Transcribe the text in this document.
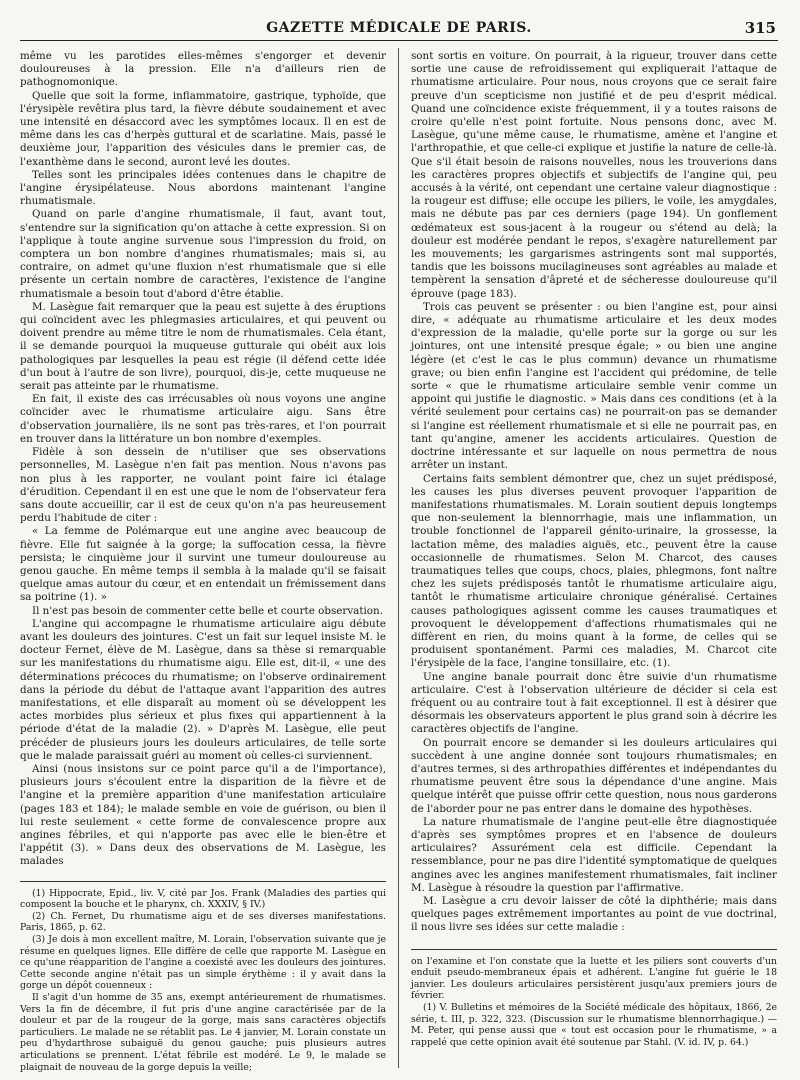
GAZETTE MÉDICALE DE PARIS.	315

même vu les parotides elles-mêmes s'engorger et devenir douloureuses à la pression. Elle n'a d'ailleurs rien de pathognomonique.

Quelle que soit la forme, inflammatoire, gastrique, typhoïde, que l'érysipèle revêtira plus tard, la fièvre débute soudainement et avec une intensité en désaccord avec les symptômes locaux. Il en est de même dans les cas d'herpès guttural et de scarlatine. Mais, passé le deuxième jour, l'apparition des vésicules dans le premier cas, de l'exanthème dans le second, auront levé les doutes.

Telles sont les principales idées contenues dans le chapitre de l'angine érysipélateuse. Nous abordons maintenant l'angine rhumatismale.

Quand on parle d'angine rhumatismale, il faut, avant tout, s'entendre sur la signification qu'on attache à cette expression. Si on l'applique à toute angine survenue sous l'impression du froid, on comptera un bon nombre d'angines rhumatismales; mais si, au contraire, on admet qu'une fluxion n'est rhumatismale que si elle présente un certain nombre de caractères, l'existence de l'angine rhumatismale a besoin tout d'abord d'être établie.

M. Lasègue fait remarquer que la peau est sujette à des éruptions qui coïncident avec les phlegmasies articulaires, et qui peuvent ou doivent prendre au même titre le nom de rhumatismales. Cela étant, il se demande pourquoi la muqueuse gutturale qui obéit aux lois pathologiques par lesquelles la peau est régie (il défend cette idée d'un bout à l'autre de son livre), pourquoi, dis-je, cette muqueuse ne serait pas atteinte par le rhumatisme.

En fait, il existe des cas irrécusables où nous voyons une angine coïncider avec le rhumatisme articulaire aigu. Sans être d'observation journalière, ils ne sont pas très-rares, et l'on pourrait en trouver dans la littérature un bon nombre d'exemples.

Fidèle à son dessein de n'utiliser que ses observations personnelles, M. Lasègue n'en fait pas mention. Nous n'avons pas non plus à les rapporter, ne voulant point faire ici étalage d'érudition. Cependant il en est une que le nom de l'observateur fera sans doute accueillir, car il est de ceux qu'on n'a pas heureusement perdu l'habitude de citer :

« La femme de Polémarque eut une angine avec beaucoup de fièvre. Elle fut saignée à la gorge; la suffocation cessa, la fièvre persista; le cinquième jour il survint une tumeur douloureuse au genou gauche. En même temps il sembla à la malade qu'il se faisait quelque amas autour du cœur, et en entendait un frémissement dans sa poitrine (1). »

Il n'est pas besoin de commenter cette belle et courte observation.

L'angine qui accompagne le rhumatisme articulaire aigu débute avant les douleurs des jointures. C'est un fait sur lequel insiste M. le docteur Fernet, élève de M. Lasègue, dans sa thèse si remarquable sur les manifestations du rhumatisme aigu. Elle est, dit-il, « une des déterminations précoces du rhumatisme; on l'observe ordinairement dans la période du début de l'attaque avant l'apparition des autres manifestations, et elle disparaît au moment où se développent les actes morbides plus sérieux et plus fixes qui appartiennent à la période d'état de la maladie (2). » D'après M. Lasègue, elle peut précéder de plusieurs jours les douleurs articulaires, de telle sorte que le malade paraissait guéri au moment où celles-ci surviennent.

Ainsi (nous insistons sur ce point parce qu'il a de l'importance), plusieurs jours s'écoulent entre la disparition de la fièvre et de l'angine et la première apparition d'une manifestation articulaire (pages 183 et 184); le malade semble en voie de guérison, ou bien il lui reste seulement « cette forme de convalescence propre aux angines fébriles, et qui n'apporte pas avec elle le bien-être et l'appétit (3). » Dans deux des observations de M. Lasègue, les malades

(1) Hippocrate, Epid., liv. V, cité par Jos. Frank (Maladies des parties qui composent la bouche et le pharynx, ch. XXXIV, § IV.)

(2) Ch. Fernet, Du rhumatisme aigu et de ses diverses manifestations. Paris, 1865, p. 62.

(3) Je dois à mon excellent maître, M. Lorain, l'observation suivante que je résume en quelques lignes. Elle diffère de celle que rapporte M. Lasègue en ce qu'une réapparition de l'angine a coexisté avec les douleurs des jointures. Cette seconde angine n'était pas un simple érythème : il y avait dans la gorge un dépôt couenneux :

Il s'agit d'un homme de 35 ans, exempt antérieurement de rhumatismes. Vers la fin de décembre, il fut pris d'une angine caractérisée par de la douleur et par de la rougeur de la gorge, mais sans caractères objectifs particuliers. Le malade ne se rétablit pas. Le 4 janvier, M. Lorain constate un peu d'hydarthrose subaiguë du genou gauche; puis plusieurs autres articulations se prennent. L'état fébrile est modéré. Le 9, le malade se plaignait de nouveau de la gorge depuis la veille;

sont sortis en voiture. On pourrait, à la rigueur, trouver dans cette sortie une cause de refroidissement qui expliquerait l'attaque de rhumatisme articulaire. Pour nous, nous croyons que ce serait faire preuve d'un scepticisme non justifié et de peu d'esprit médical. Quand une coïncidence existe fréquemment, il y a toutes raisons de croire qu'elle n'est point fortuite. Nous pensons donc, avec M. Lasègue, qu'une même cause, le rhumatisme, amène et l'angine et l'arthropathie, et que celle-ci explique et justifie la nature de celle-là. Que s'il était besoin de raisons nouvelles, nous les trouverions dans les caractères propres objectifs et subjectifs de l'angine qui, peu accusés à la vérité, ont cependant une certaine valeur diagnostique : la rougeur est diffuse; elle occupe les piliers, le voile, les amygdales, mais ne débute pas par ces derniers (page 194). Un gonflement œdémateux est sous-jacent à la rougeur ou s'étend au delà; la douleur est modérée pendant le repos, s'exagère naturellement par les mouvements; les gargarismes astringents sont mal supportés, tandis que les boissons mucilagineuses sont agréables au malade et tempèrent la sensation d'âpreté et de sécheresse douloureuse qu'il éprouve (page 183).

Trois cas peuvent se présenter : ou bien l'angine est, pour ainsi dire, « adéquate au rhumatisme articulaire et les deux modes d'expression de la maladie, qu'elle porte sur la gorge ou sur les jointures, ont une intensité presque égale; » ou bien une angine légère (et c'est le cas le plus commun) devance un rhumatisme grave; ou bien enfin l'angine est l'accident qui prédomine, de telle sorte « que le rhumatisme articulaire semble venir comme un appoint qui justifie le diagnostic. » Mais dans ces conditions (et à la vérité seulement pour certains cas) ne pourrait-on pas se demander si l'angine est réellement rhumatismale et si elle ne pourrait pas, en tant qu'angine, amener les accidents articulaires. Question de doctrine intéressante et sur laquelle on nous permettra de nous arrêter un instant.

Certains faits semblent démontrer que, chez un sujet prédisposé, les causes les plus diverses peuvent provoquer l'apparition de manifestations rhumatismales. M. Lorain soutient depuis longtemps que non-seulement la blennorrhagie, mais une inflammation, un trouble fonctionnel de l'appareil génito-urinaire, la grossesse, la lactation même, des maladies aiguës, etc., peuvent être la cause occasionnelle de rhumatismes. Selon M. Charcot, des causes traumatiques telles que coups, chocs, plaies, phlegmons, font naître chez les sujets prédisposés tantôt le rhumatisme articulaire aigu, tantôt le rhumatisme articulaire chronique généralisé. Certaines causes pathologiques agissent comme les causes traumatiques et provoquent le développement d'affections rhumatismales qui ne diffèrent en rien, du moins quant à la forme, de celles qui se produisent spontanément. Parmi ces maladies, M. Charcot cite l'érysipèle de la face, l'angine tonsillaire, etc. (1).

Une angine banale pourrait donc être suivie d'un rhumatisme articulaire. C'est à l'observation ultérieure de décider si cela est fréquent ou au contraire tout à fait exceptionnel. Il est à désirer que désormais les observateurs apportent le plus grand soin à décrire les caractères objectifs de l'angine.

On pourrait encore se demander si les douleurs articulaires qui succèdent à une angine donnée sont toujours rhumatismales; en d'autres termes, si des arthropathies différentes et indépendantes du rhumatisme peuvent être sous la dépendance d'une angine. Mais quelque intérêt que puisse offrir cette question, nous nous garderons de l'aborder pour ne pas entrer dans le domaine des hypothèses.

La nature rhumatismale de l'angine peut-elle être diagnostiquée d'après ses symptômes propres et en l'absence de douleurs articulaires? Assurément cela est difficile. Cependant la ressemblance, pour ne pas dire l'identité symptomatique de quelques angines avec les angines manifestement rhumatismales, fait incliner M. Lasègue à résoudre la question par l'affirmative.

M. Lasègue a cru devoir laisser de côté la diphthérie; mais dans quelques pages extrêmement importantes au point de vue doctrinal, il nous livre ses idées sur cette maladie :

on l'examine et l'on constate que la luette et les piliers sont couverts d'un enduit pseudo-membraneux épais et adhérent. L'angine fut guérie le 18 janvier. Les douleurs articulaires persistèrent jusqu'aux premiers jours de février.

(1) V. Bulletins et mémoires de la Société médicale des hôpitaux, 1866, 2e série, t. III, p. 322, 323. (Discussion sur le rhumatisme blennorrhagique.) — M. Peter, qui pense aussi que « tout est occasion pour le rhumatisme, » a rappelé que cette opinion avait été soutenue par Stahl. (V. id. IV, p. 64.)
